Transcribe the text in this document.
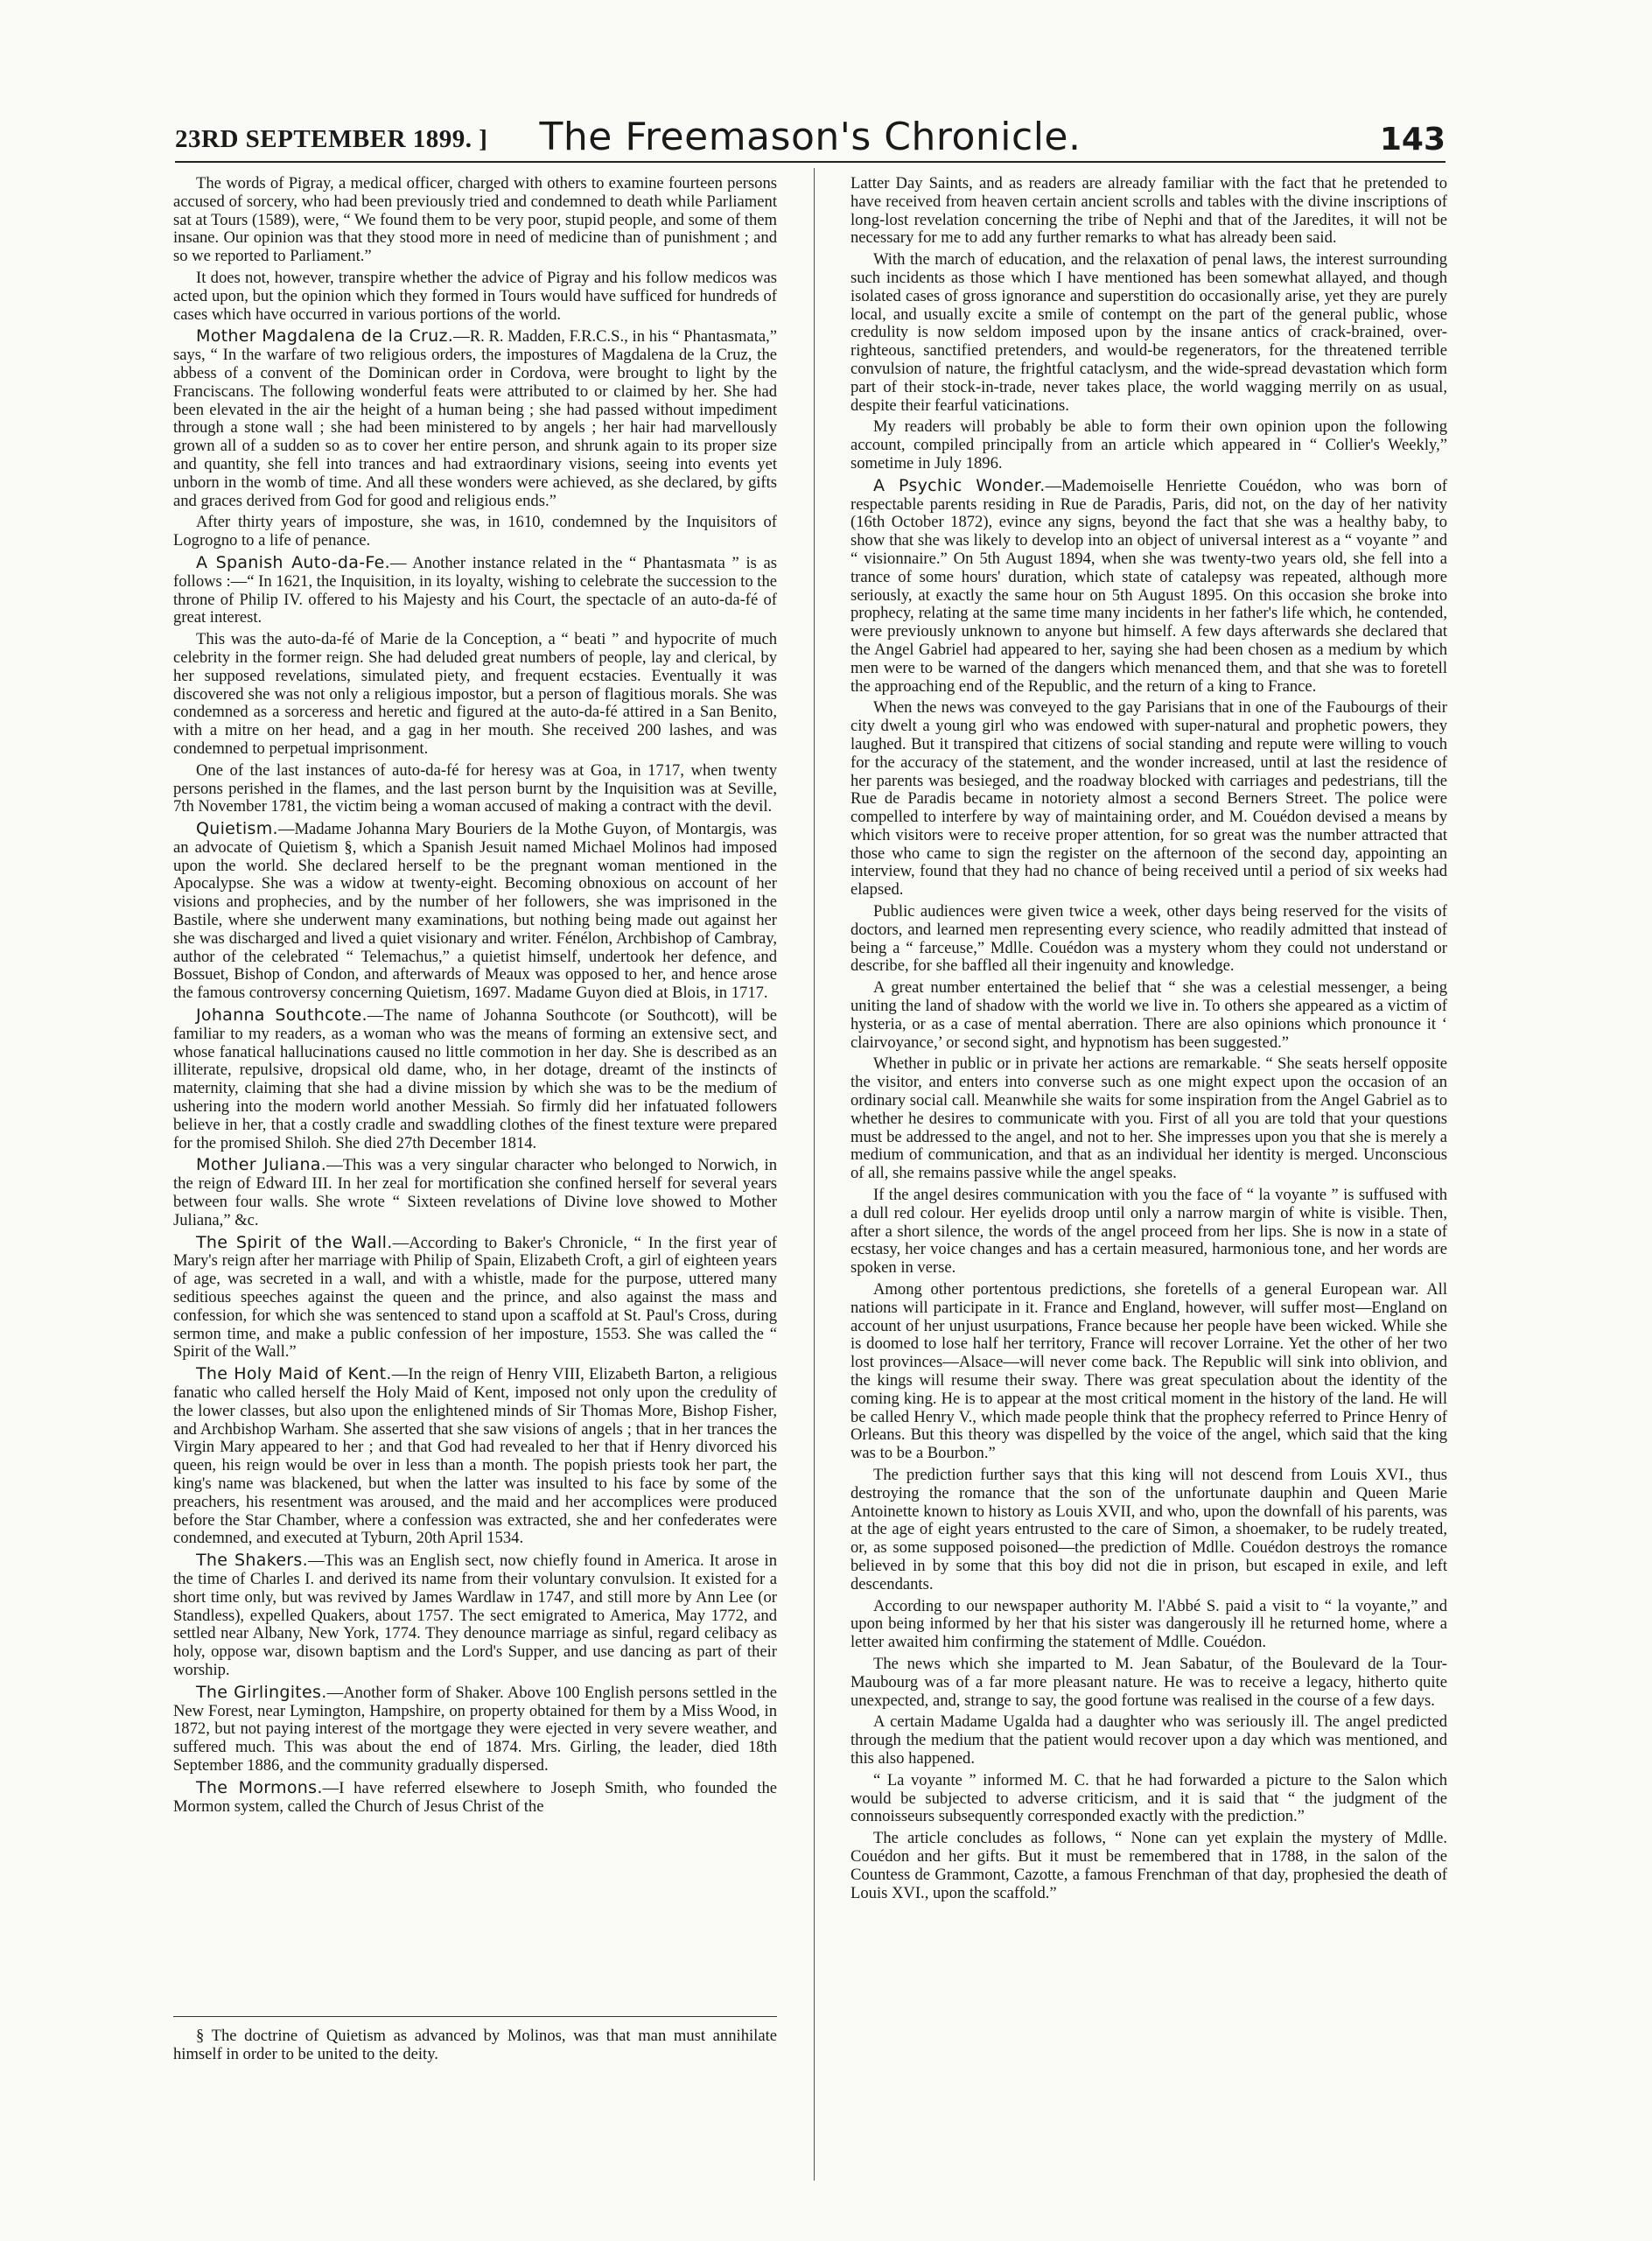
23RD SEPTEMBER 1899. ]	The Freemason's Chronicle.	143

The words of Pigray, a medical officer, charged with others to examine fourteen persons accused of sorcery, who had been previously tried and condemned to death while Parliament sat at Tours (1589), were, “ We found them to be very poor, stupid people, and some of them insane. Our opinion was that they stood more in need of medicine than of punishment ; and so we reported to Parliament.”

It does not, however, transpire whether the advice of Pigray and his follow medicos was acted upon, but the opinion which they formed in Tours would have sufficed for hundreds of cases which have occurred in various portions of the world.

Mother Magdalena de la Cruz.—R. R. Madden, F.R.C.S., in his “ Phantasmata,” says, “ In the warfare of two religious orders, the impostures of Magdalena de la Cruz, the abbess of a convent of the Dominican order in Cordova, were brought to light by the Franciscans. The following wonderful feats were attributed to or claimed by her. She had been elevated in the air the height of a human being ; she had passed without impediment through a stone wall ; she had been ministered to by angels ; her hair had marvellously grown all of a sudden so as to cover her entire person, and shrunk again to its proper size and quantity, she fell into trances and had extraordinary visions, seeing into events yet unborn in the womb of time. And all these wonders were achieved, as she declared, by gifts and graces derived from God for good and religious ends.”

After thirty years of imposture, she was, in 1610, condemned by the Inquisitors of Logrogno to a life of penance.

A Spanish Auto-da-Fe.— Another instance related in the “ Phantasmata ” is as follows :—“ In 1621, the Inquisition, in its loyalty, wishing to celebrate the succession to the throne of Philip IV. offered to his Majesty and his Court, the spectacle of an auto-da-fé of great interest.

This was the auto-da-fé of Marie de la Conception, a “ beati ” and hypocrite of much celebrity in the former reign. She had deluded great numbers of people, lay and clerical, by her supposed revelations, simulated piety, and frequent ecstacies. Eventually it was discovered she was not only a religious impostor, but a person of flagitious morals. She was condemned as a sorceress and heretic and figured at the auto-da-fé attired in a San Benito, with a mitre on her head, and a gag in her mouth. She received 200 lashes, and was condemned to perpetual imprisonment.

One of the last instances of auto-da-fé for heresy was at Goa, in 1717, when twenty persons perished in the flames, and the last person burnt by the Inquisition was at Seville, 7th November 1781, the victim being a woman accused of making a contract with the devil.

Quietism.—Madame Johanna Mary Bouriers de la Mothe Guyon, of Montargis, was an advocate of Quietism §, which a Spanish Jesuit named Michael Molinos had imposed upon the world. She declared herself to be the pregnant woman mentioned in the Apocalypse. She was a widow at twenty-eight. Becoming obnoxious on account of her visions and prophecies, and by the number of her followers, she was imprisoned in the Bastile, where she underwent many examinations, but nothing being made out against her she was discharged and lived a quiet visionary and writer. Fénélon, Archbishop of Cambray, author of the celebrated “ Telemachus,” a quietist himself, undertook her defence, and Bossuet, Bishop of Condon, and afterwards of Meaux was opposed to her, and hence arose the famous controversy concerning Quietism, 1697. Madame Guyon died at Blois, in 1717.

Johanna Southcote.—The name of Johanna Southcote (or Southcott), will be familiar to my readers, as a woman who was the means of forming an extensive sect, and whose fanatical hallucinations caused no little commotion in her day. She is described as an illiterate, repulsive, dropsical old dame, who, in her dotage, dreamt of the instincts of maternity, claiming that she had a divine mission by which she was to be the medium of ushering into the modern world another Messiah. So firmly did her infatuated followers believe in her, that a costly cradle and swaddling clothes of the finest texture were prepared for the promised Shiloh. She died 27th December 1814.

Mother Juliana.—This was a very singular character who belonged to Norwich, in the reign of Edward III. In her zeal for mortification she confined herself for several years between four walls. She wrote “ Sixteen revelations of Divine love showed to Mother Juliana,” &c.

The Spirit of the Wall.—According to Baker's Chronicle, “ In the first year of Mary's reign after her marriage with Philip of Spain, Elizabeth Croft, a girl of eighteen years of age, was secreted in a wall, and with a whistle, made for the purpose, uttered many seditious speeches against the queen and the prince, and also against the mass and confession, for which she was sentenced to stand upon a scaffold at St. Paul's Cross, during sermon time, and make a public confession of her imposture, 1553. She was called the “ Spirit of the Wall.”

The Holy Maid of Kent.—In the reign of Henry VIII, Elizabeth Barton, a religious fanatic who called herself the Holy Maid of Kent, imposed not only upon the credulity of the lower classes, but also upon the enlightened minds of Sir Thomas More, Bishop Fisher, and Archbishop Warham. She asserted that she saw visions of angels ; that in her trances the Virgin Mary appeared to her ; and that God had revealed to her that if Henry divorced his queen, his reign would be over in less than a month. The popish priests took her part, the king's name was blackened, but when the latter was insulted to his face by some of the preachers, his resentment was aroused, and the maid and her accomplices were produced before the Star Chamber, where a confession was extracted, she and her confederates were condemned, and executed at Tyburn, 20th April 1534.

The Shakers.—This was an English sect, now chiefly found in America. It arose in the time of Charles I. and derived its name from their voluntary convulsion. It existed for a short time only, but was revived by James Wardlaw in 1747, and still more by Ann Lee (or Standless), expelled Quakers, about 1757. The sect emigrated to America, May 1772, and settled near Albany, New York, 1774. They denounce marriage as sinful, regard celibacy as holy, oppose war, disown baptism and the Lord's Supper, and use dancing as part of their worship.

The Girlingites.—Another form of Shaker. Above 100 English persons settled in the New Forest, near Lymington, Hampshire, on property obtained for them by a Miss Wood, in 1872, but not paying interest of the mortgage they were ejected in very severe weather, and suffered much. This was about the end of 1874. Mrs. Girling, the leader, died 18th September 1886, and the community gradually dispersed.

The Mormons.—I have referred elsewhere to Joseph Smith, who founded the Mormon system, called the Church of Jesus Christ of the

§ The doctrine of Quietism as advanced by Molinos, was that man must annihilate himself in order to be united to the deity.

Latter Day Saints, and as readers are already familiar with the fact that he pretended to have received from heaven certain ancient scrolls and tables with the divine inscriptions of long-lost revelation concerning the tribe of Nephi and that of the Jaredites, it will not be necessary for me to add any further remarks to what has already been said.

With the march of education, and the relaxation of penal laws, the interest surrounding such incidents as those which I have mentioned has been somewhat allayed, and though isolated cases of gross ignorance and superstition do occasionally arise, yet they are purely local, and usually excite a smile of contempt on the part of the general public, whose credulity is now seldom imposed upon by the insane antics of crack-brained, over-righteous, sanctified pretenders, and would-be regenerators, for the threatened terrible convulsion of nature, the frightful cataclysm, and the wide-spread devastation which form part of their stock-in-trade, never takes place, the world wagging merrily on as usual, despite their fearful vaticinations.

My readers will probably be able to form their own opinion upon the following account, compiled principally from an article which appeared in “ Collier's Weekly,” sometime in July 1896.

A Psychic Wonder.—Mademoiselle Henriette Couédon, who was born of respectable parents residing in Rue de Paradis, Paris, did not, on the day of her nativity (16th October 1872), evince any signs, beyond the fact that she was a healthy baby, to show that she was likely to develop into an object of universal interest as a “ voyante ” and “ visionnaire.” On 5th August 1894, when she was twenty-two years old, she fell into a trance of some hours' duration, which state of catalepsy was repeated, although more seriously, at exactly the same hour on 5th August 1895. On this occasion she broke into prophecy, relating at the same time many incidents in her father's life which, he contended, were previously unknown to anyone but himself. A few days afterwards she declared that the Angel Gabriel had appeared to her, saying she had been chosen as a medium by which men were to be warned of the dangers which menanced them, and that she was to foretell the approaching end of the Republic, and the return of a king to France.

When the news was conveyed to the gay Parisians that in one of the Faubourgs of their city dwelt a young girl who was endowed with super-natural and prophetic powers, they laughed. But it transpired that citizens of social standing and repute were willing to vouch for the accuracy of the statement, and the wonder increased, until at last the residence of her parents was besieged, and the roadway blocked with carriages and pedestrians, till the Rue de Paradis became in notoriety almost a second Berners Street. The police were compelled to interfere by way of maintaining order, and M. Couédon devised a means by which visitors were to receive proper attention, for so great was the number attracted that those who came to sign the register on the afternoon of the second day, appointing an interview, found that they had no chance of being received until a period of six weeks had elapsed.

Public audiences were given twice a week, other days being reserved for the visits of doctors, and learned men representing every science, who readily admitted that instead of being a “ farceuse,” Mdlle. Couédon was a mystery whom they could not understand or describe, for she baffled all their ingenuity and knowledge.

A great number entertained the belief that “ she was a celestial messenger, a being uniting the land of shadow with the world we live in. To others she appeared as a victim of hysteria, or as a case of mental aberration. There are also opinions which pronounce it ‘ clairvoyance,’ or second sight, and hypnotism has been suggested.”

Whether in public or in private her actions are remarkable. “ She seats herself opposite the visitor, and enters into converse such as one might expect upon the occasion of an ordinary social call. Meanwhile she waits for some inspiration from the Angel Gabriel as to whether he desires to communicate with you. First of all you are told that your questions must be addressed to the angel, and not to her. She impresses upon you that she is merely a medium of communication, and that as an individual her identity is merged. Unconscious of all, she remains passive while the angel speaks.

If the angel desires communication with you the face of “ la voyante ” is suffused with a dull red colour. Her eyelids droop until only a narrow margin of white is visible. Then, after a short silence, the words of the angel proceed from her lips. She is now in a state of ecstasy, her voice changes and has a certain measured, harmonious tone, and her words are spoken in verse.

Among other portentous predictions, she foretells of a general European war. All nations will participate in it. France and England, however, will suffer most—England on account of her unjust usurpations, France because her people have been wicked. While she is doomed to lose half her territory, France will recover Lorraine. Yet the other of her two lost provinces—Alsace—will never come back. The Republic will sink into oblivion, and the kings will resume their sway. There was great speculation about the identity of the coming king. He is to appear at the most critical moment in the history of the land. He will be called Henry V., which made people think that the prophecy referred to Prince Henry of Orleans. But this theory was dispelled by the voice of the angel, which said that the king was to be a Bourbon.”

The prediction further says that this king will not descend from Louis XVI., thus destroying the romance that the son of the unfortunate dauphin and Queen Marie Antoinette known to history as Louis XVII, and who, upon the downfall of his parents, was at the age of eight years entrusted to the care of Simon, a shoemaker, to be rudely treated, or, as some supposed poisoned—the prediction of Mdlle. Couédon destroys the romance believed in by some that this boy did not die in prison, but escaped in exile, and left descendants.

According to our newspaper authority M. l'Abbé S. paid a visit to “ la voyante,” and upon being informed by her that his sister was dangerously ill he returned home, where a letter awaited him confirming the statement of Mdlle. Couédon.

The news which she imparted to M. Jean Sabatur, of the Boulevard de la Tour-Maubourg was of a far more pleasant nature. He was to receive a legacy, hitherto quite unexpected, and, strange to say, the good fortune was realised in the course of a few days.

A certain Madame Ugalda had a daughter who was seriously ill. The angel predicted through the medium that the patient would recover upon a day which was mentioned, and this also happened.

“ La voyante ” informed M. C. that he had forwarded a picture to the Salon which would be subjected to adverse criticism, and it is said that “ the judgment of the connoisseurs subsequently corresponded exactly with the prediction.”

The article concludes as follows, “ None can yet explain the mystery of Mdlle. Couédon and her gifts. But it must be remembered that in 1788, in the salon of the Countess de Grammont, Cazotte, a famous Frenchman of that day, prophesied the death of Louis XVI., upon the scaffold.”
